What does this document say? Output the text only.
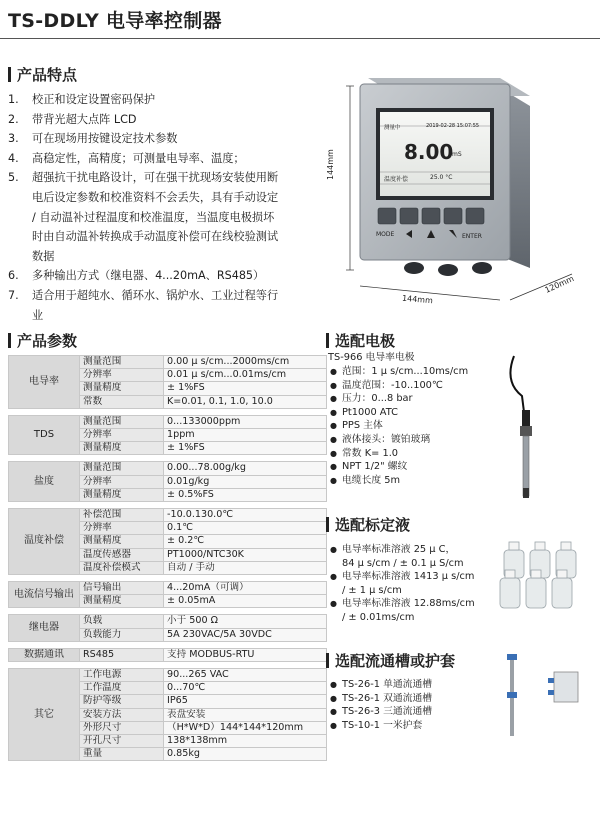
TS-DDLY 电导率控制器
产品特点
1. 校正和设定设置密码保护
2. 带背光超大点阵 LCD
3. 可在现场用按键设定技术参数
4. 高稳定性，高精度；可测量电导率、温度；
5. 超强抗干扰电路设计，可在强干扰现场安装使用断
电后设定参数和校准资料不会丢失，具有手动设定
/ 自动温补过程温度和校准温度，当温度电极损坏
时由自动温补转换成手动温度补偿可在线校验测试
数据
6. 多种输出方式（继电器、4...20mA、RS485）
7. 适合用于超纯水、循环水、锅炉水、工业过程等行
业
测量中	2019-02-28 15:07:55
8.00
mS
温度补偿	25.0 °C
MODE	ENTER
144mm
144mm
120mm
产品参数
电导率	测量范围	0.00 μ s/cm...2000ms/cm
	分辨率	0.01 μ s/cm...0.01ms/cm
	测量精度	± 1%FS
	常数	K=0.01, 0.1, 1.0, 10.0

TDS	测量范围	0...133000ppm
	分辨率	1ppm
	测量精度	± 1%FS

盐度	测量范围	0.00...78.00g/kg
	分辨率	0.01g/kg
	测量精度	± 0.5%FS

温度补偿	补偿范围	-10.0.130.0℃
	分辨率	0.1℃
	测量精度	± 0.2℃
	温度传感器	PT1000/NTC30K
	温度补偿模式	自动 / 手动

电流信号输出	信号输出	4...20mA（可调）
	测量精度	± 0.05mA

继电器	负载	小于 500 Ω
	负载能力	5A 230VAC/5A 30VDC

数据通讯	RS485	支持 MODBUS-RTU

其它	工作电源	90...265 VAC
	工作温度	0...70℃
	防护等级	IP65
	安装方法	表盘安装
	外形尺寸	（H*W*D）144*144*120mm
	开孔尺寸	138*138mm
	重量	0.85kg
选配电极
TS-966 电导率电极
● 范围：1 μ s/cm...10ms/cm
● 温度范围：-10..100℃
● 压力：0...8 bar
● Pt1000 ATC
● PPS 主体
● 液体接头：镀铂玻璃
● 常数 K= 1.0
● NPT 1/2" 螺纹
● 电缆长度 5m
选配标定液
● 电导率标准溶液 25 μ C，
84 μ s/cm / ± 0.1 μ S/cm
● 电导率标准溶液 1413 μ s/cm
/ ± 1 μ s/cm
● 电导率标准溶液 12.88ms/cm
/ ± 0.01ms/cm
选配流通槽或护套
● TS-26-1 单通流通槽
● TS-26-1 双通流通槽
● TS-26-3 三通流通槽
● TS-10-1 一米护套
